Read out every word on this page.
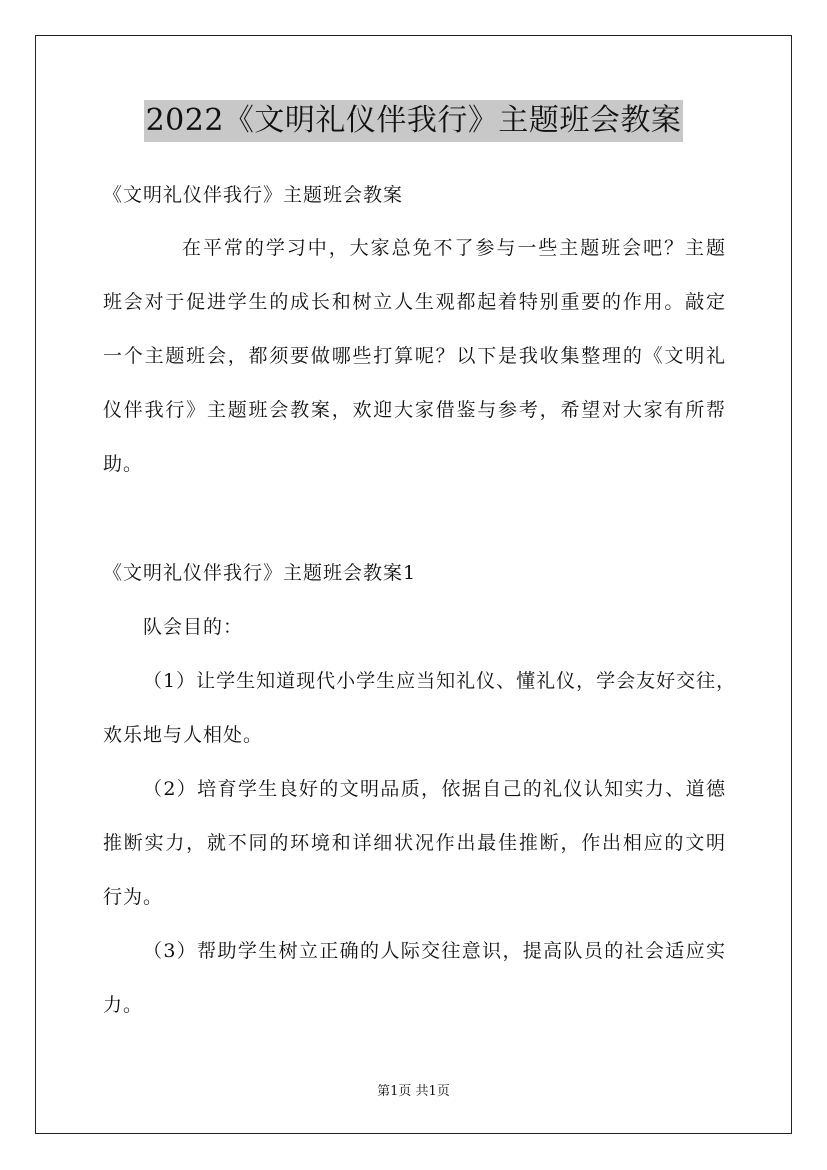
2022《文明礼仪伴我行》主题班会教案
《文明礼仪伴我行》主题班会教案
在平常的学习中，大家总免不了参与一些主题班会吧？主题
班会对于促进学生的成长和树立人生观都起着特别重要的作用。敲定
一个主题班会，都须要做哪些打算呢？以下是我收集整理的《文明礼
仪伴我行》主题班会教案，欢迎大家借鉴与参考，希望对大家有所帮
助。
《文明礼仪伴我行》主题班会教案1
队会目的：
（1）让学生知道现代小学生应当知礼仪、懂礼仪，学会友好交往，
欢乐地与人相处。
（2）培育学生良好的文明品质，依据自己的礼仪认知实力、道德
推断实力，就不同的环境和详细状况作出最佳推断，作出相应的文明
行为。
（3）帮助学生树立正确的人际交往意识，提高队员的社会适应实
力。
第1页 共1页
